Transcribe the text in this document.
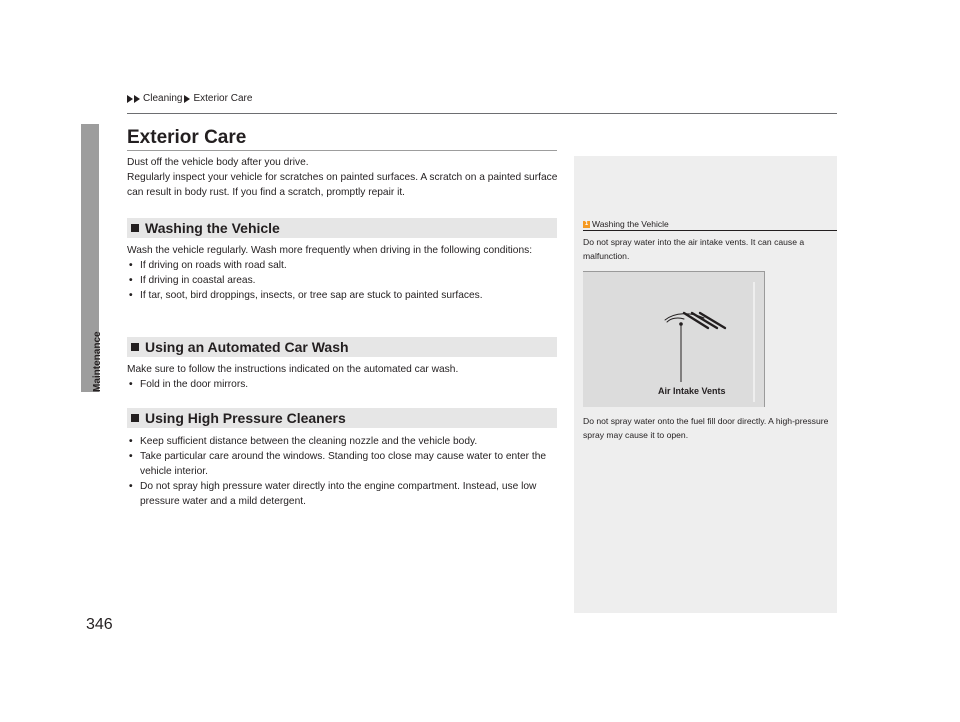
Cleaning Exterior Care
Maintenance
346
Exterior Care
Dust off the vehicle body after you drive.
Regularly inspect your vehicle for scratches on painted surfaces. A scratch on a painted surface can result in body rust. If you find a scratch, promptly repair it.
Washing the Vehicle
Wash the vehicle regularly. Wash more frequently when driving in the following conditions:
• If driving on roads with road salt.
• If driving in coastal areas.
• If tar, soot, bird droppings, insects, or tree sap are stuck to painted surfaces.
Using an Automated Car Wash
Make sure to follow the instructions indicated on the automated car wash.
• Fold in the door mirrors.
Using High Pressure Cleaners
• Keep sufficient distance between the cleaning nozzle and the vehicle body.
• Take particular care around the windows. Standing too close may cause water to enter the vehicle interior.
• Do not spray high pressure water directly into the engine compartment. Instead, use low pressure water and a mild detergent.
1 Washing the Vehicle
Do not spray water into the air intake vents. It can cause a malfunction.
Air Intake Vents
Do not spray water onto the fuel fill door directly. A high-pressure spray may cause it to open.
